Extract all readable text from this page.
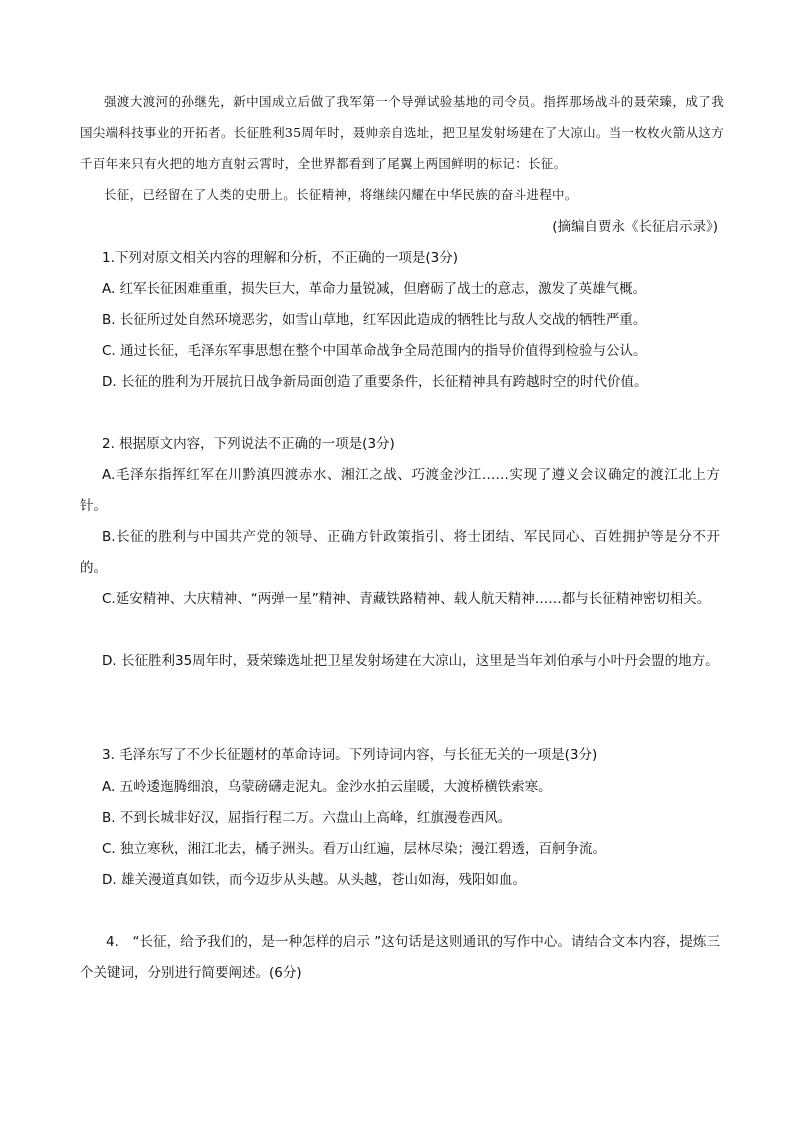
强渡大渡河的孙继先，新中国成立后做了我军第一个导弹试验基地的司令员。指挥那场战斗的聂荣臻，成了我国尖端科技事业的开拓者。长征胜利35周年时，聂帅亲自选址，把卫星发射场建在了大凉山。当一枚枚火箭从这方千百年来只有火把的地方直射云霄时，全世界都看到了尾翼上两国鲜明的标记：长征。
长征，已经留在了人类的史册上。长征精神，将继续闪耀在中华民族的奋斗进程中。
(摘编自贾永《长征启示录》)
1.下列对原文相关内容的理解和分析，不正确的一项是(3分)
A. 红军长征困难重重，损失巨大，革命力量锐减，但磨砺了战士的意志，激发了英雄气概。
B. 长征所过处自然环境恶劣，如雪山草地，红军因此造成的牺牲比与敌人交战的牺牲严重。
C. 通过长征，毛泽东军事思想在整个中国革命战争全局范围内的指导价值得到检验与公认。
D. 长征的胜利为开展抗日战争新局面创造了重要条件，长征精神具有跨越时空的时代价值。
2. 根据原文内容，下列说法不正确的一项是(3分)
A.毛泽东指挥红军在川黔滇四渡赤水、湘江之战、巧渡金沙江……实现了遵义会议确定的渡江北上方针。
B.长征的胜利与中国共产党的领导、正确方针政策指引、将士团结、军民同心、百姓拥护等是分不开的。
C.延安精神、大庆精神、“两弹一星”精神、青藏铁路精神、载人航天精神……都与长征精神密切相关。
D. 长征胜利35周年时，聂荣臻选址把卫星发射场建在大凉山，这里是当年刘伯承与小叶丹会盟的地方。
3. 毛泽东写了不少长征题材的革命诗词。下列诗词内容，与长征无关的一项是(3分)
A. 五岭逶迤腾细浪，乌蒙磅礴走泥丸。金沙水拍云崖暖，大渡桥横铁索寒。
B. 不到长城非好汉，屈指行程二万。六盘山上高峰，红旗漫卷西风。
C. 独立寒秋，湘江北去，橘子洲头。看万山红遍，层林尽染；漫江碧透，百舸争流。
D. 雄关漫道真如铁，而今迈步从头越。从头越，苍山如海，残阳如血。
4.　“长征，给予我们的，是一种怎样的启示 ”这句话是这则通讯的写作中心。请结合文本内容，提炼三个关键词，分别进行简要阐述。(6分)
